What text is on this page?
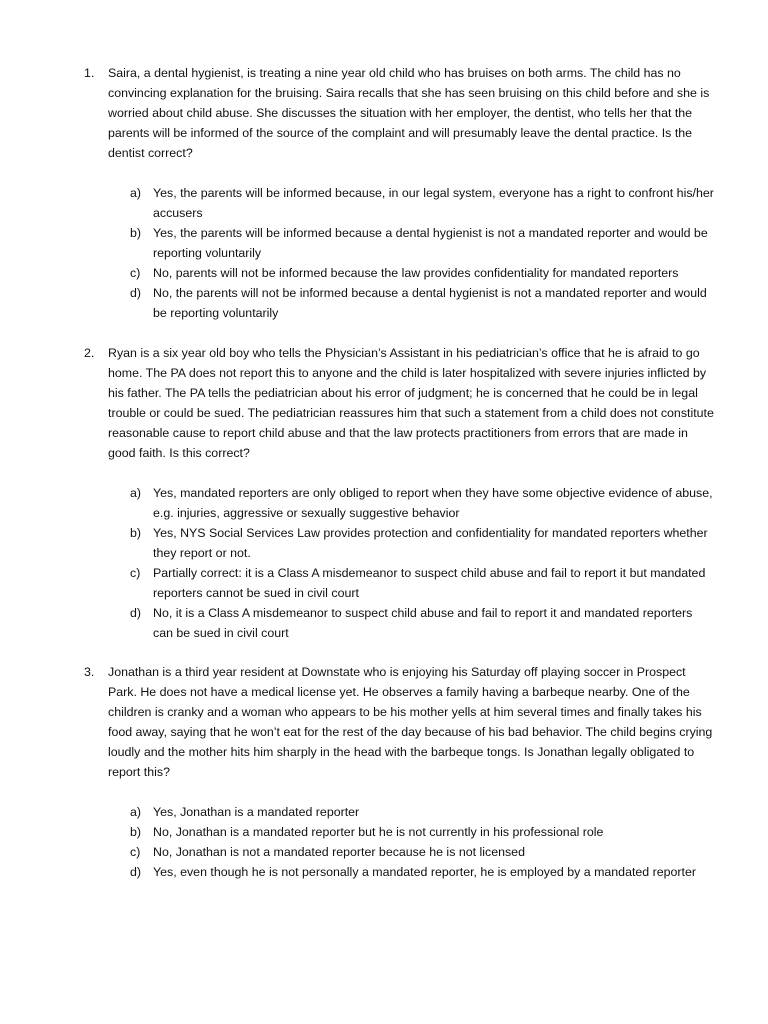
1.	Saira, a dental hygienist, is treating a nine year old child who has bruises on both arms. The child has no convincing explanation for the bruising. Saira recalls that she has seen bruising on this child before and she is worried about child abuse. She discusses the situation with her employer, the dentist, who tells her that the parents will be informed of the source of the complaint and will presumably leave the dental practice. Is the dentist correct?
a) Yes, the parents will be informed because, in our legal system, everyone has a right to confront his/her accusers
b) Yes, the parents will be informed because a dental hygienist is not a mandated reporter and would be reporting voluntarily
c)	No, parents will not be informed because the law provides confidentiality for mandated reporters
d) No, the parents will not be informed because a dental hygienist is not a mandated reporter and would be reporting voluntarily
2.	Ryan is a six year old boy who tells the Physician’s Assistant in his pediatrician’s office that he is afraid to go home. The PA does not report this to anyone and the child is later hospitalized with severe injuries inflicted by his father. The PA tells the pediatrician about his error of judgment; he is concerned that he could be in legal trouble or could be sued. The pediatrician reassures him that such a statement from a child does not constitute reasonable cause to report child abuse and that the law protects practitioners from errors that are made in good faith. Is this correct?
a) Yes, mandated reporters are only obliged to report when they have some objective evidence of abuse, e.g. injuries, aggressive or sexually suggestive behavior
b) Yes, NYS Social Services Law provides protection and confidentiality for mandated reporters whether they report or not.
c)	Partially correct: it is a Class A misdemeanor to suspect child abuse and fail to report it but mandated reporters cannot be sued in civil court
d) No, it is a Class A misdemeanor to suspect child abuse and fail to report it and mandated reporters can be sued in civil court
3.	Jonathan is a third year resident at Downstate who is enjoying his Saturday off playing soccer in Prospect Park. He does not have a medical license yet. He observes a family having a barbeque nearby. One of the children is cranky and a woman who appears to be his mother yells at him several times and finally takes his food away, saying that he won’t eat for the rest of the day because of his bad behavior. The child begins crying loudly and the mother hits him sharply in the head with the barbeque tongs. Is Jonathan legally obligated to report this?
a) Yes, Jonathan is a mandated reporter
b) No, Jonathan is a mandated reporter but he is not currently in his professional role
c)	No, Jonathan is not a mandated reporter because he is not licensed
d) Yes, even though he is not personally a mandated reporter, he is employed by a mandated reporter
